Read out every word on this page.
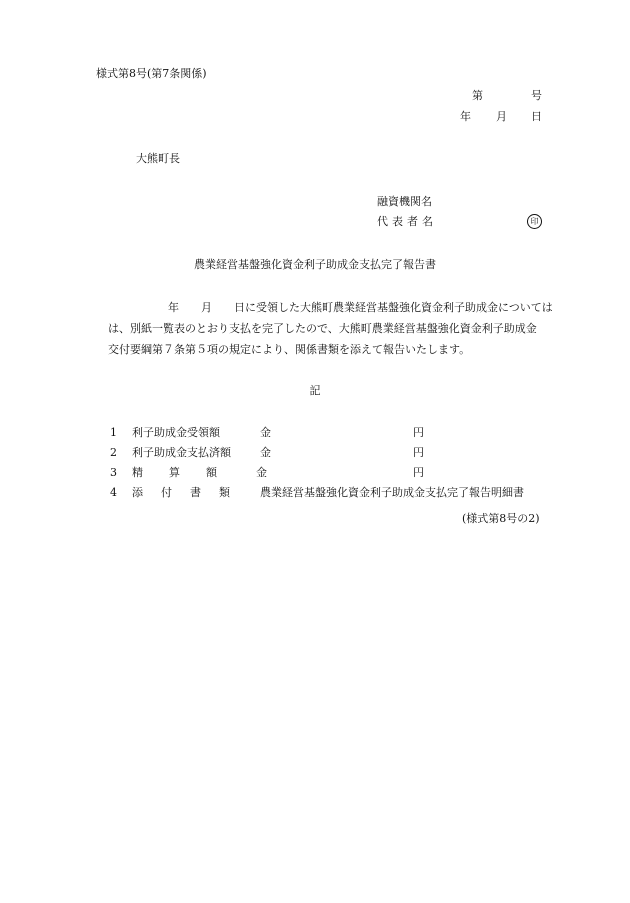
様式第8号(第7条関係)
第	号
年 月 日
大熊町長
融資機関名
代表者名	印
農業経営基盤強化資金利子助成金支払完了報告書
年 月 日に受領した大熊町農業経営基盤強化資金利子助成金については
は、別紙一覧表のとおり支払を完了したので、大熊町農業経営基盤強化資金利子助成金
交付要綱第７条第５項の規定により、関係書類を添えて報告いたします。
記
1 利子助成金受領額	金	円
2 利子助成金支払済額	金	円
3 精算額 金	円
4 添付書類 農業経営基盤強化資金利子助成金支払完了報告明細書
(様式第8号の2)
